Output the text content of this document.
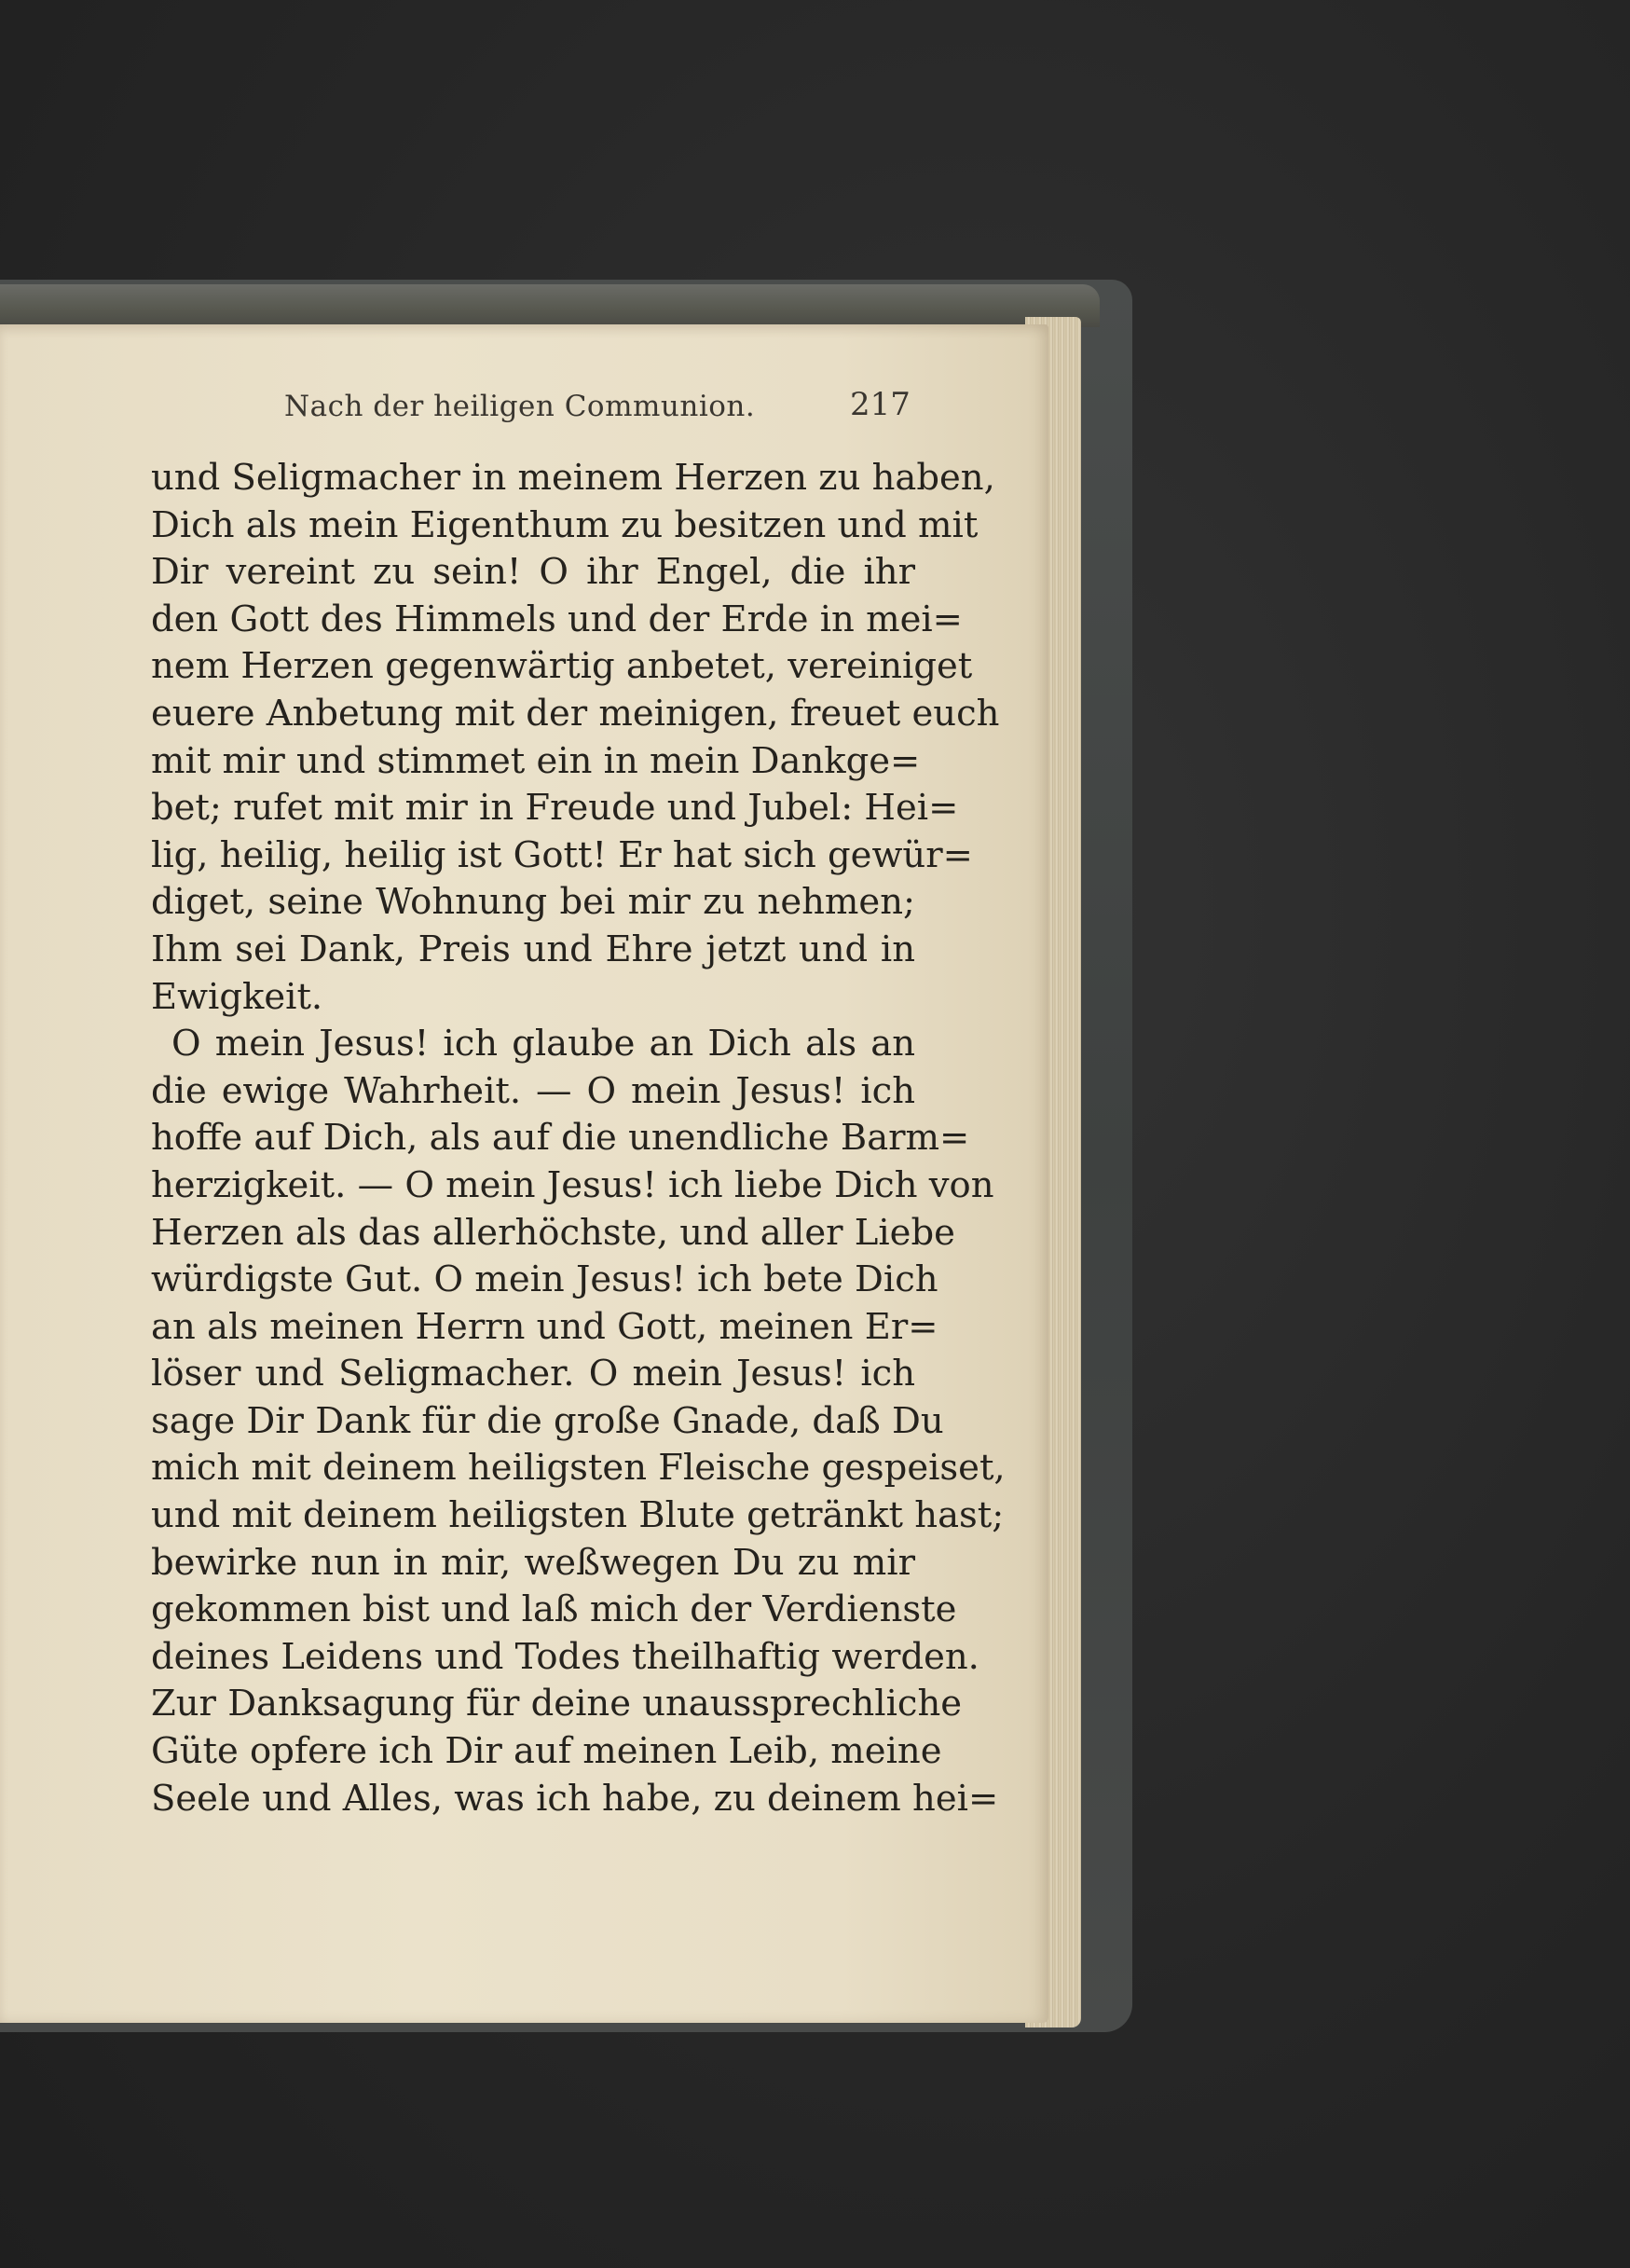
Nach der heiligen Communion.	217
und Seligmacher in meinem Herzen zu haben,
Dich als mein Eigenthum zu besitzen und mit
Dir vereint zu sein! O ihr Engel, die ihr
den Gott des Himmels und der Erde in mei=
nem Herzen gegenwärtig anbetet, vereiniget
euere Anbetung mit der meinigen, freuet euch
mit mir und stimmet ein in mein Dankge=
bet; rufet mit mir in Freude und Jubel: Hei=
lig, heilig, heilig ist Gott! Er hat sich gewür=
diget, seine Wohnung bei mir zu nehmen;
Ihm sei Dank, Preis und Ehre jetzt und in
Ewigkeit.
O mein Jesus! ich glaube an Dich als an
die ewige Wahrheit. — O mein Jesus! ich
hoffe auf Dich, als auf die unendliche Barm=
herzigkeit. — O mein Jesus! ich liebe Dich von
Herzen als das allerhöchste, und aller Liebe
würdigste Gut. O mein Jesus! ich bete Dich
an als meinen Herrn und Gott, meinen Er=
löser und Seligmacher. O mein Jesus! ich
sage Dir Dank für die große Gnade, daß Du
mich mit deinem heiligsten Fleische gespeiset,
und mit deinem heiligsten Blute getränkt hast;
bewirke nun in mir, weßwegen Du zu mir
gekommen bist und laß mich der Verdienste
deines Leidens und Todes theilhaftig werden.
Zur Danksagung für deine unaussprechliche
Güte opfere ich Dir auf meinen Leib, meine
Seele und Alles, was ich habe, zu deinem hei=
